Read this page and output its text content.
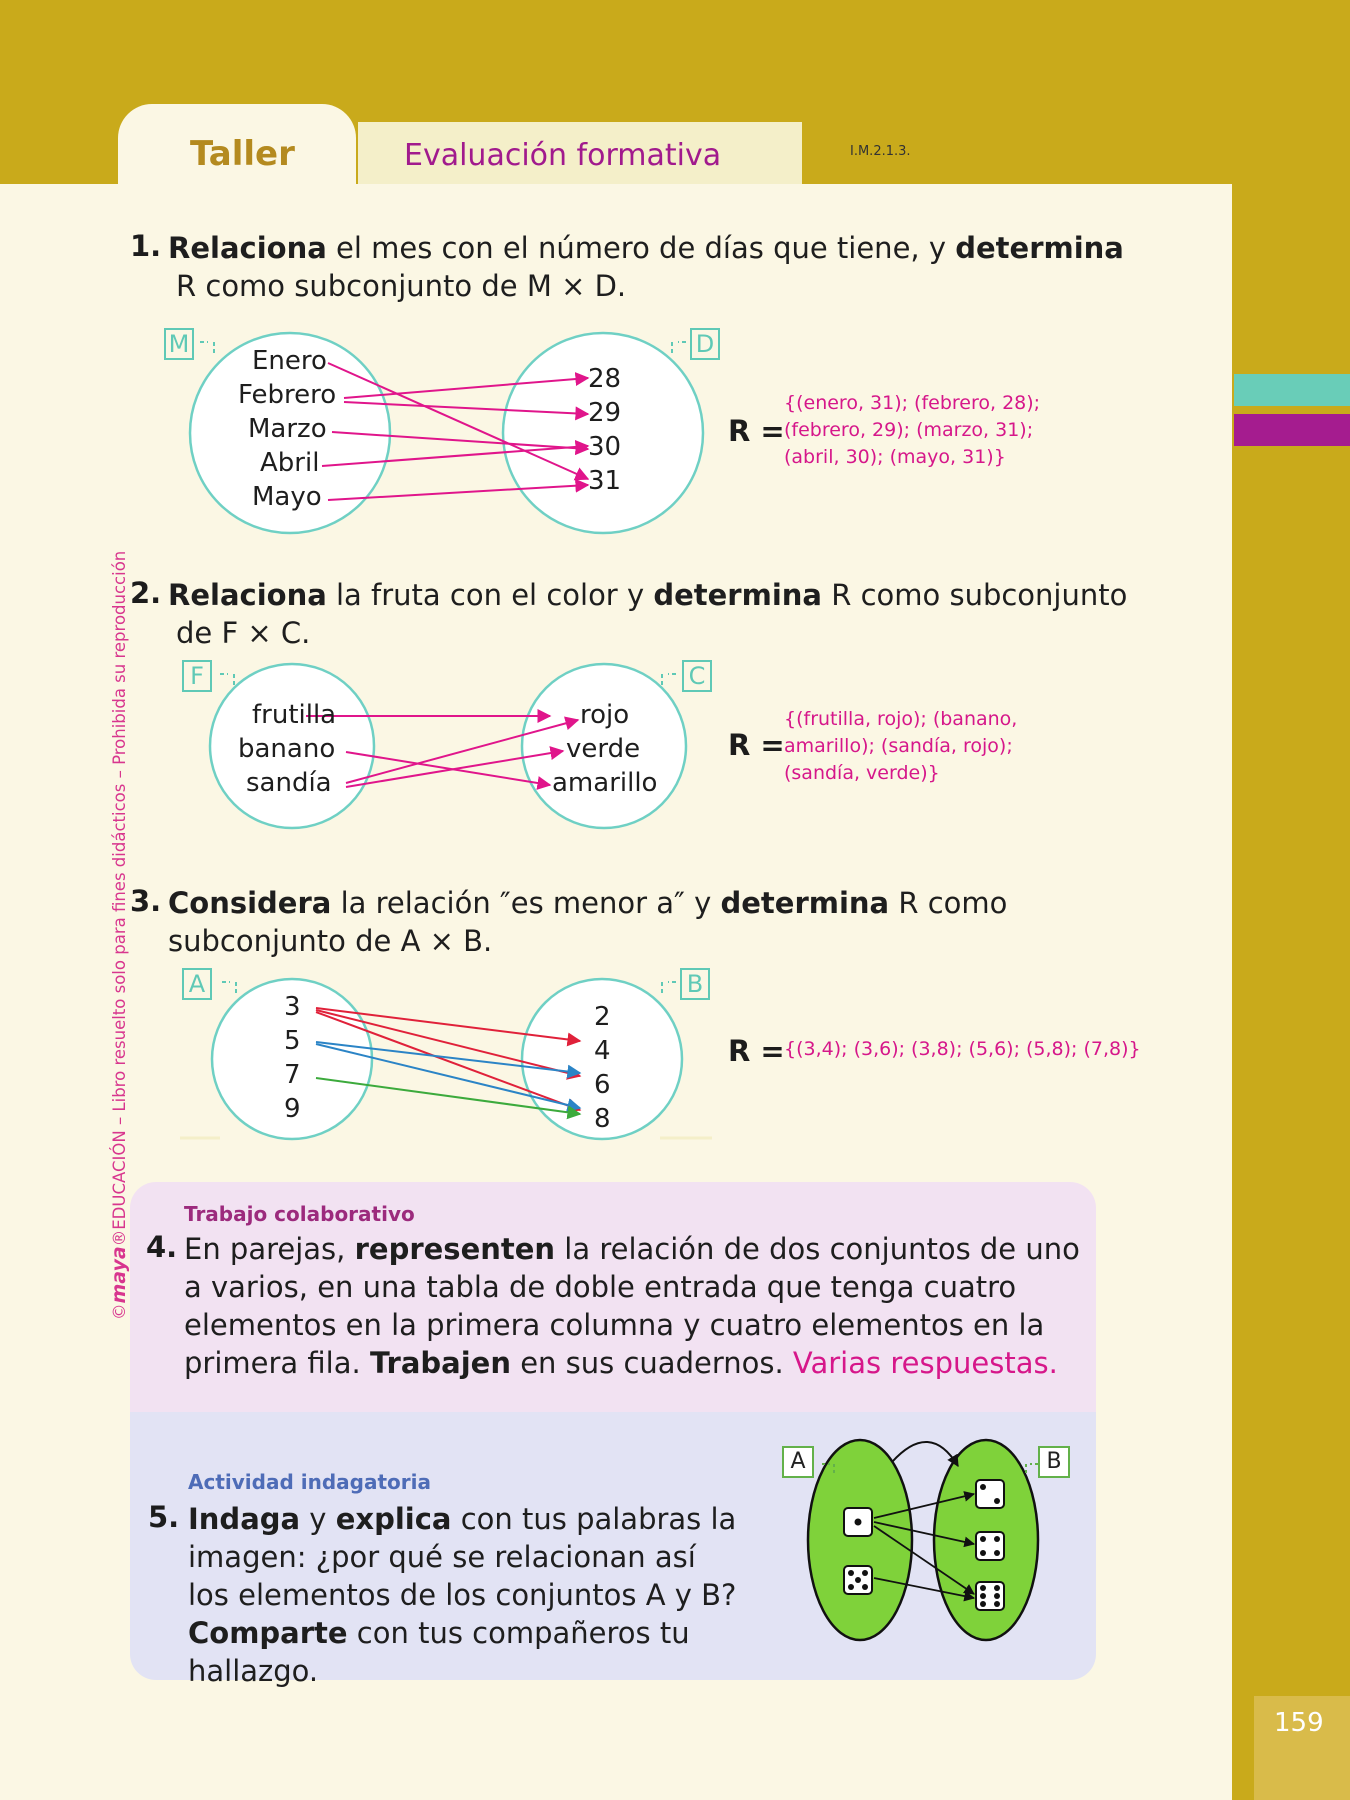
Taller	Evaluación formativa	I.M.2.1.3.
159
©maya®EDUCACIÓN – Libro resuelto solo para fines didácticos – Prohibida su reproducción
1. Relaciona el mes con el número de días que tiene, y determina
R como subconjunto de M × D.
2. Relaciona la fruta con el color y determina R como subconjunto
de F × C.
3. Considera la relación ″es menor a″ y determina R como
subconjunto de A × B.
M	D
Enero
Febrero
Marzo
Abril
Mayo
28
29
30
31
R =
{(enero, 31); (febrero, 28);
(febrero, 29); (marzo, 31);
(abril, 30); (mayo, 31)}
F	C
frutilla
banano
sandía
rojo
verde
amarillo
R =
{(frutilla, rojo); (banano,
amarillo); (sandía, rojo);
(sandía, verde)}
A	B
3
5
7
9
2
4
6
8
R = {(3,4); (3,6); (3,8); (5,6); (5,8); (7,8)}
Trabajo colaborativo
4. En parejas, representen la relación de dos conjuntos de uno
a varios, en una tabla de doble entrada que tenga cuatro
elementos en la primera columna y cuatro elementos en la
primera fila. Trabajen en sus cuadernos. Varias respuestas.
Actividad indagatoria
5. Indaga y explica con tus palabras la
imagen: ¿por qué se relacionan así
los elementos de los conjuntos A y B?
Comparte con tus compañeros tu
hallazgo.
A	B
